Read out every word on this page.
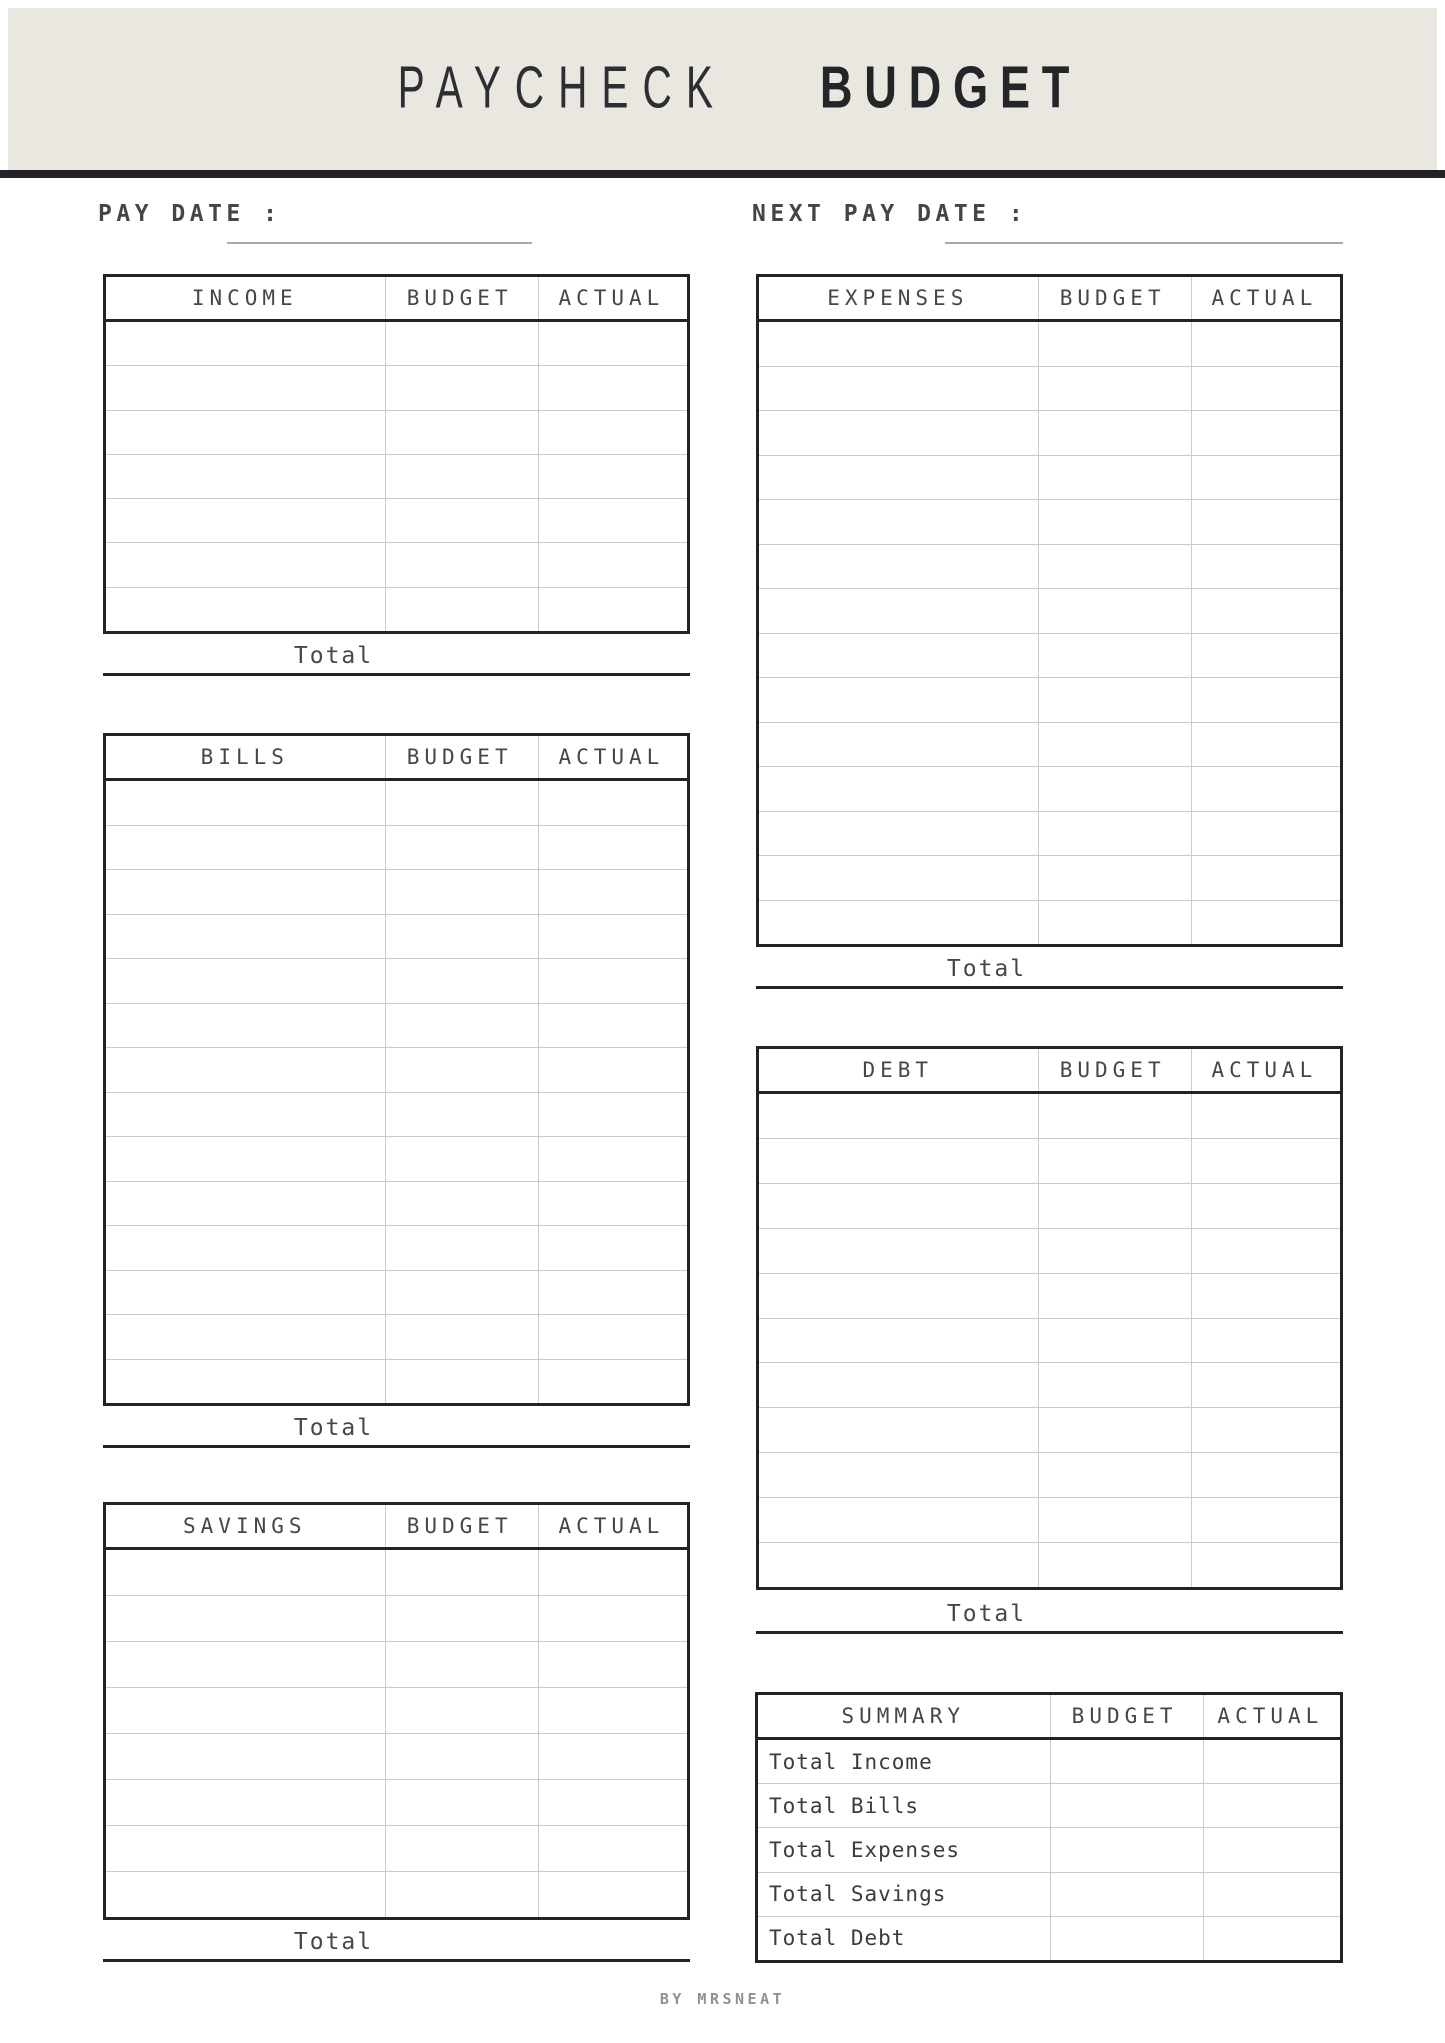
PAYCHECK BUDGET
PAY DATE :	NEXT PAY DATE :
INCOME	BUDGET	ACTUAL
Total
BILLS	BUDGET	ACTUAL
Total
SAVINGS	BUDGET	ACTUAL
Total
EXPENSES	BUDGET	ACTUAL
Total
DEBT	BUDGET	ACTUAL
Total
SUMMARY	BUDGET	ACTUAL
Total Income
Total Bills
Total Expenses
Total Savings
Total Debt
BY MRSNEAT
